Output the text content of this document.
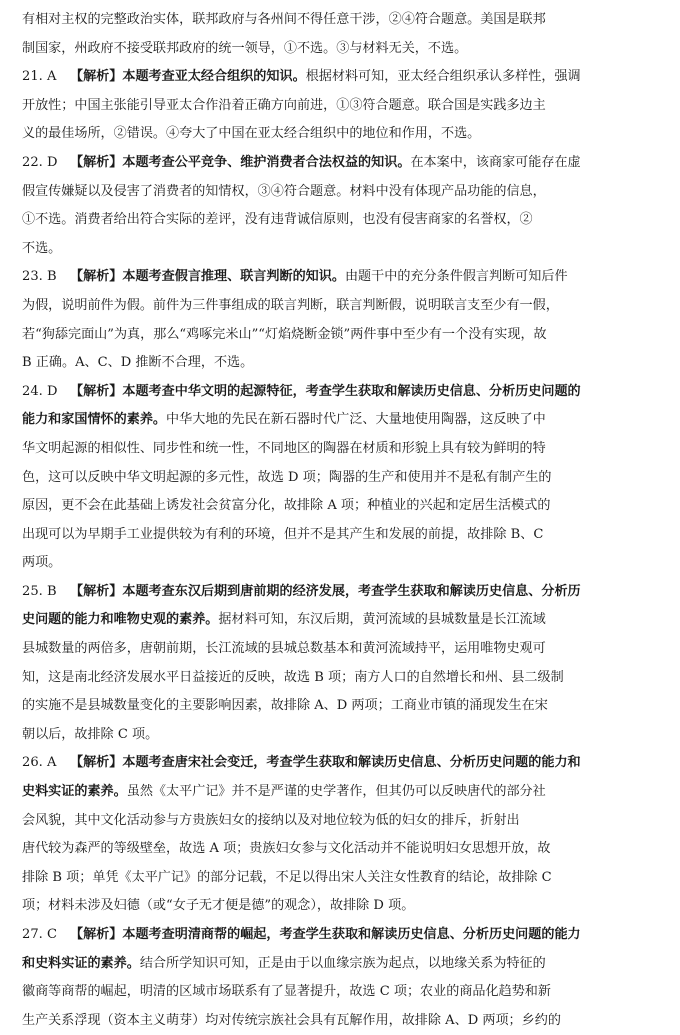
有相对主权的完整政治实体，联邦政府与各州间不得任意干涉，②④符合题意。美国是联邦
制国家，州政府不接受联邦政府的统一领导，①不选。③与材料无关，不选。
21. A 【解析】本题考查亚太经合组织的知识。根据材料可知，亚太经合组织承认多样性，强调
开放性；中国主张能引导亚太合作沿着正确方向前进，①③符合题意。联合国是实践多边主
义的最佳场所，②错误。④夸大了中国在亚太经合组织中的地位和作用，不选。
22. D 【解析】本题考查公平竞争、维护消费者合法权益的知识。在本案中，该商家可能存在虚
假宣传嫌疑以及侵害了消费者的知情权，③④符合题意。材料中没有体现产品功能的信息，
①不选。消费者给出符合实际的差评，没有违背诚信原则，也没有侵害商家的名誉权，②
不选。
23. B 【解析】本题考查假言推理、联言判断的知识。由题干中的充分条件假言判断可知后件
为假，说明前件为假。前件为三件事组成的联言判断，联言判断假，说明联言支至少有一假，
若“狗舔完面山”为真，那么“鸡啄完米山”“灯焰烧断金锁”两件事中至少有一个没有实现，故
B 正确。A、C、D 推断不合理，不选。
24. D 【解析】本题考查中华文明的起源特征，考查学生获取和解读历史信息、分析历史问题的
能力和家国情怀的素养。中华大地的先民在新石器时代广泛、大量地使用陶器，这反映了中
华文明起源的相似性、同步性和统一性，不同地区的陶器在材质和形貌上具有较为鲜明的特
色，这可以反映中华文明起源的多元性，故选 D 项；陶器的生产和使用并不是私有制产生的
原因，更不会在此基础上诱发社会贫富分化，故排除 A 项；种植业的兴起和定居生活模式的
出现可以为早期手工业提供较为有利的环境，但并不是其产生和发展的前提，故排除 B、C
两项。
25. B 【解析】本题考查东汉后期到唐前期的经济发展，考查学生获取和解读历史信息、分析历
史问题的能力和唯物史观的素养。据材料可知，东汉后期，黄河流域的县城数量是长江流域
县城数量的两倍多，唐朝前期，长江流域的县城总数基本和黄河流域持平，运用唯物史观可
知，这是南北经济发展水平日益接近的反映，故选 B 项；南方人口的自然增长和州、县二级制
的实施不是县城数量变化的主要影响因素，故排除 A、D 两项；工商业市镇的涌现发生在宋
朝以后，故排除 C 项。
26. A 【解析】本题考查唐宋社会变迁，考查学生获取和解读历史信息、分析历史问题的能力和
史料实证的素养。虽然《太平广记》并不是严谨的史学著作，但其仍可以反映唐代的部分社
会风貌，其中文化活动参与方贵族妇女的接纳以及对地位较为低的妇女的排斥，折射出
唐代较为森严的等级壁垒，故选 A 项；贵族妇女参与文化活动并不能说明妇女思想开放，故
排除 B 项；单凭《太平广记》的部分记载，不足以得出宋人关注女性教育的结论，故排除 C
项；材料未涉及妇德（或“女子无才便是德”的观念），故排除 D 项。
27. C 【解析】本题考查明清商帮的崛起，考查学生获取和解读历史信息、分析历史问题的能力
和史料实证的素养。结合所学知识可知，正是由于以血缘宗族为起点，以地缘关系为特征的
徽商等商帮的崛起，明清的区域市场联系有了显著提升，故选 C 项；农业的商品化趋势和新
生产关系浮现（资本主义萌芽）均对传统宗族社会具有瓦解作用，故排除 A、D 两项；乡约的
